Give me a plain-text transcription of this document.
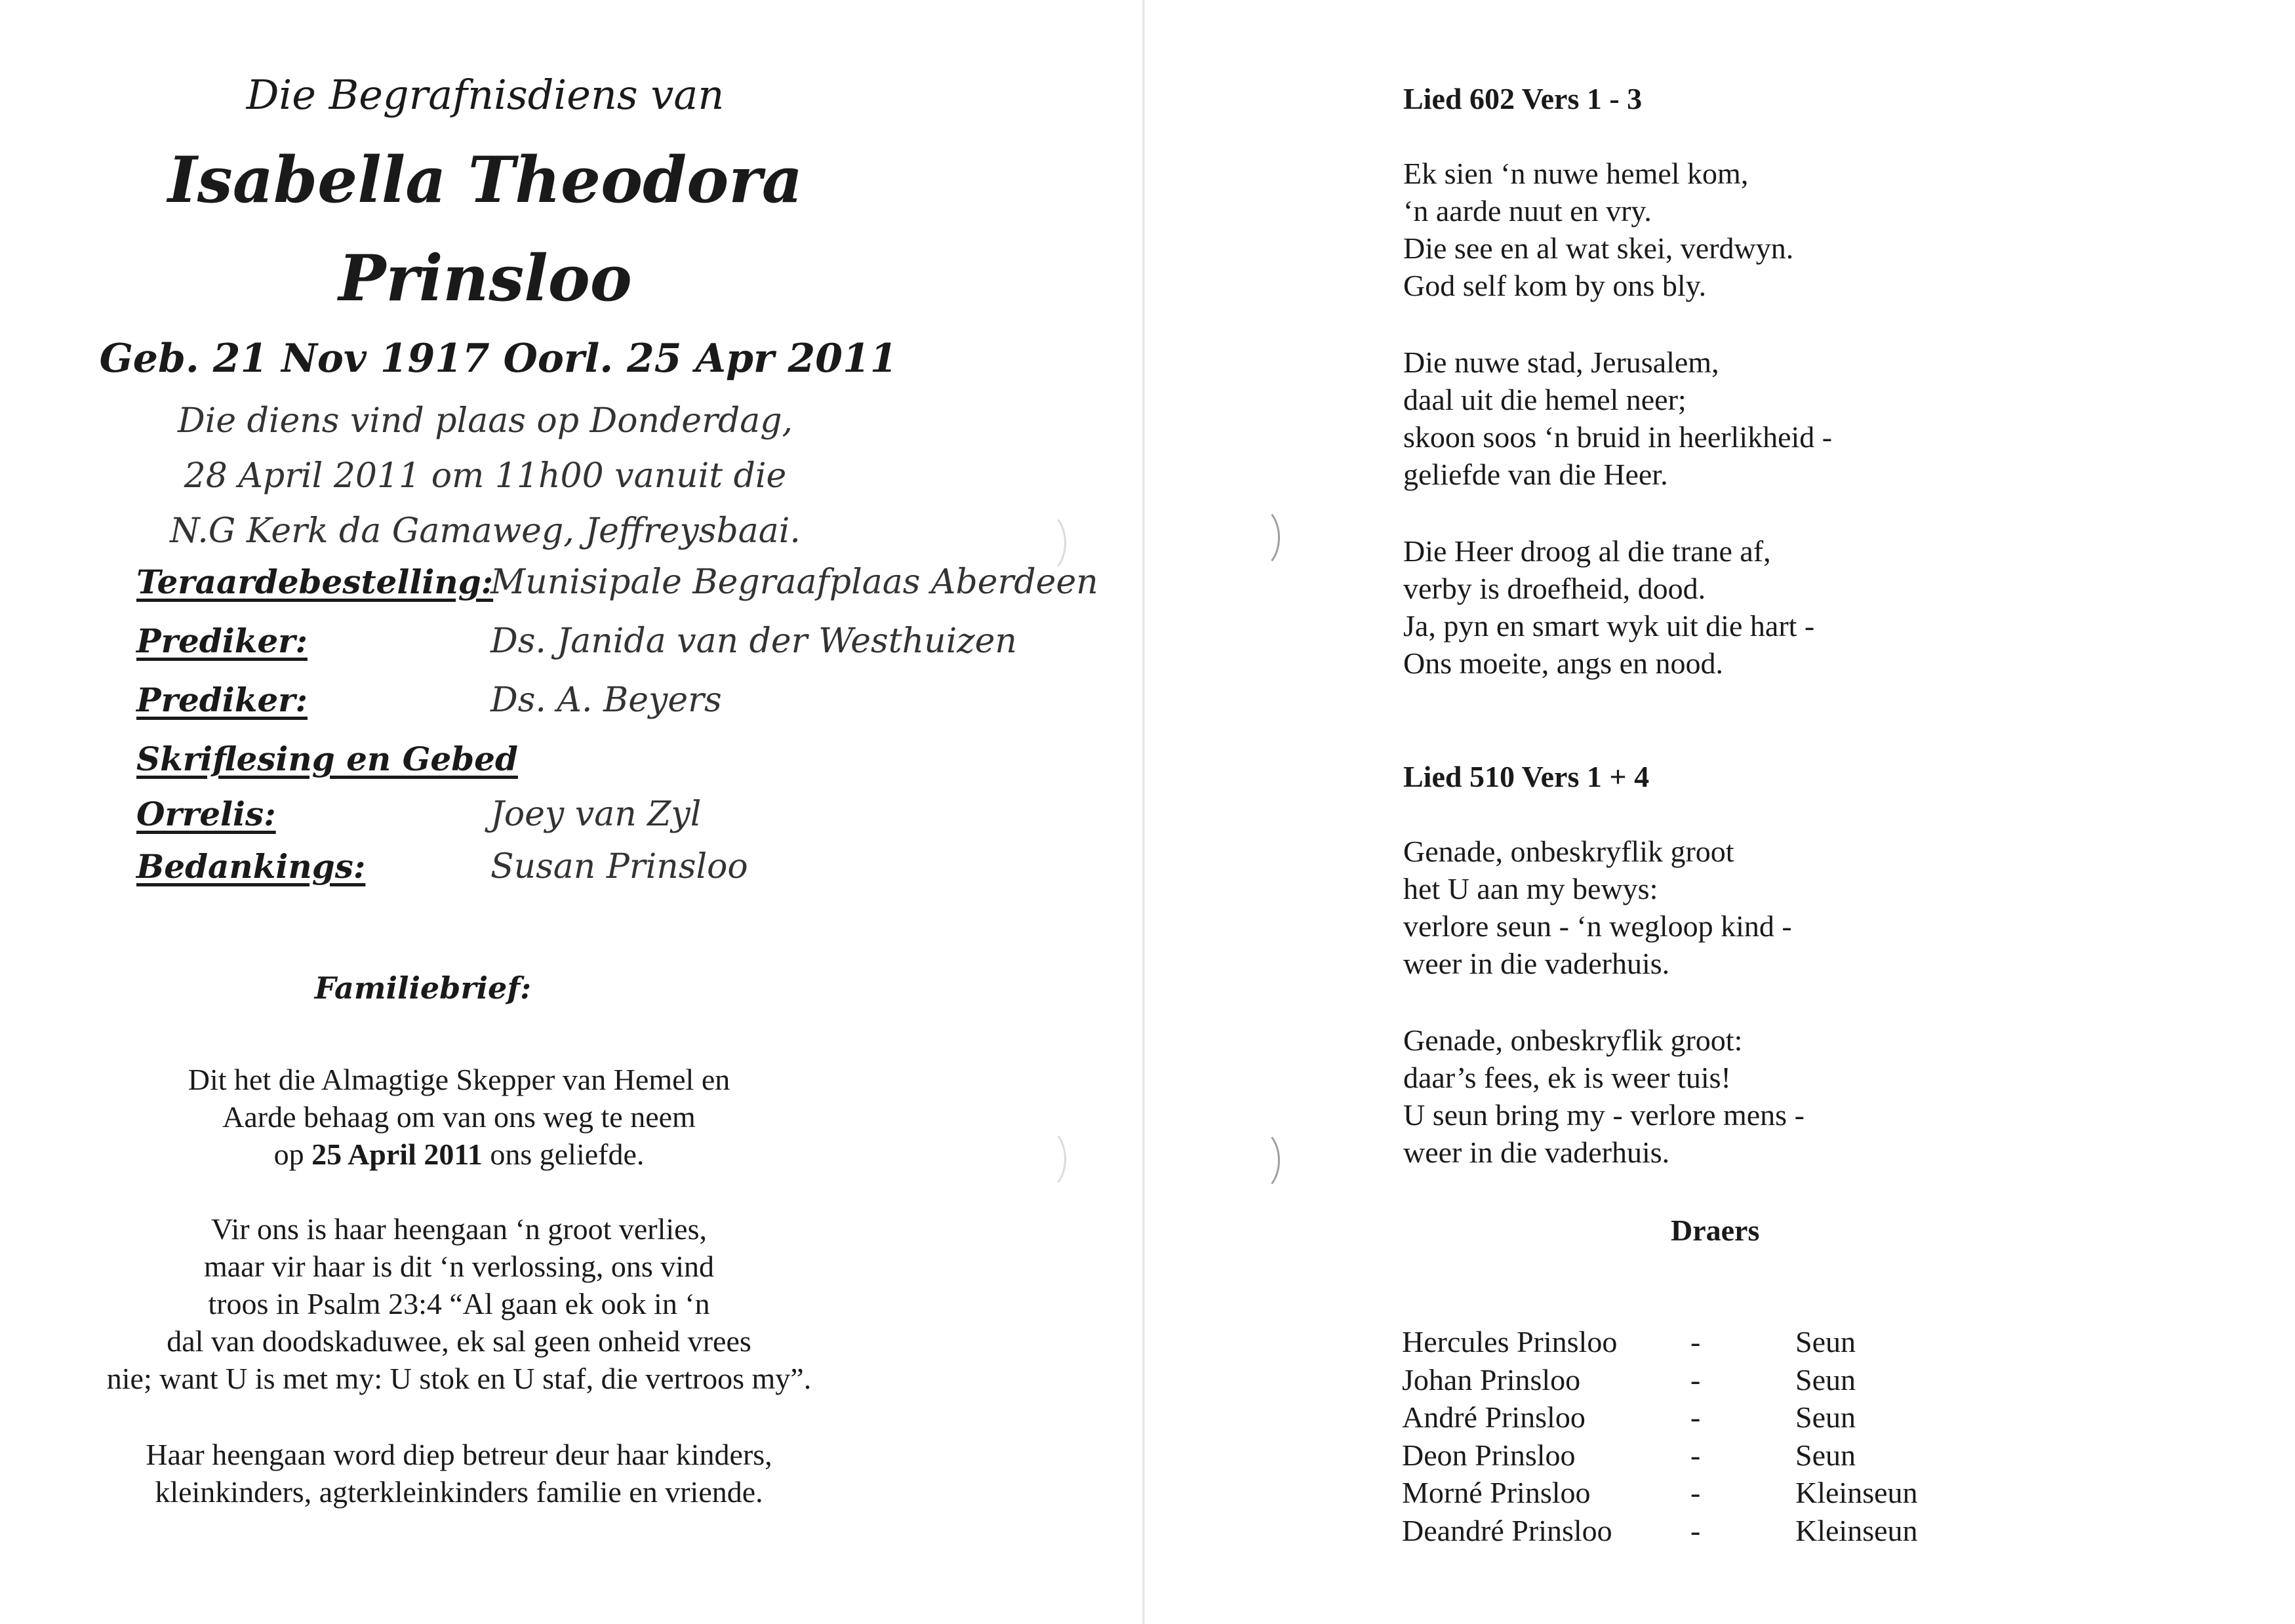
Die Begrafnisdiens van
Isabella Theodora
Prinsloo
Geb. 21 Nov 1917 Oorl. 25 Apr 2011
Die diens vind plaas op Donderdag,
28 April 2011 om 11h00 vanuit die
N.G Kerk da Gamaweg, Jeffreysbaai.
Teraardebestelling:
Munisipale Begraafplaas Aberdeen
Prediker:	Ds. Janida van der Westhuizen
Prediker:	Ds. A. Beyers
Skriflesing en Gebed
Orrelis:	Joey van Zyl
Bedankings:	Susan Prinsloo
Familiebrief:
Dit het die Almagtige Skepper van Hemel en
Aarde behaag om van ons weg te neem
op 25 April 2011 ons geliefde.
Vir ons is haar heengaan ‘n groot verlies,
maar vir haar is dit ‘n verlossing, ons vind
troos in Psalm 23:4 “Al gaan ek ook in ‘n
dal van doodskaduwee, ek sal geen onheid vrees
nie; want U is met my: U stok en U staf, die vertroos my”.
Haar heengaan word diep betreur deur haar kinders,
kleinkinders, agterkleinkinders familie en vriende.
Lied 602 Vers 1 - 3
Ek sien ‘n nuwe hemel kom,
‘n aarde nuut en vry.
Die see en al wat skei, verdwyn.
God self kom by ons bly.
Die nuwe stad, Jerusalem,
daal uit die hemel neer;
skoon soos ‘n bruid in heerlikheid -
geliefde van die Heer.
Die Heer droog al die trane af,
verby is droefheid, dood.
Ja, pyn en smart wyk uit die hart -
Ons moeite, angs en nood.
Lied 510 Vers 1 + 4
Genade, onbeskryflik groot
het U aan my bewys:
verlore seun - ‘n wegloop kind -
weer in die vaderhuis.
Genade, onbeskryflik groot:
daar’s fees, ek is weer tuis!
U seun bring my - verlore mens -
weer in die vaderhuis.
Draers
Hercules Prinsloo -	Seun
Johan Prinsloo	-	Seun
André Prinsloo	-	Seun
Deon Prinsloo	-	Seun
Morné Prinsloo	-	Kleinseun
Deandré Prinsloo	-	Kleinseun
